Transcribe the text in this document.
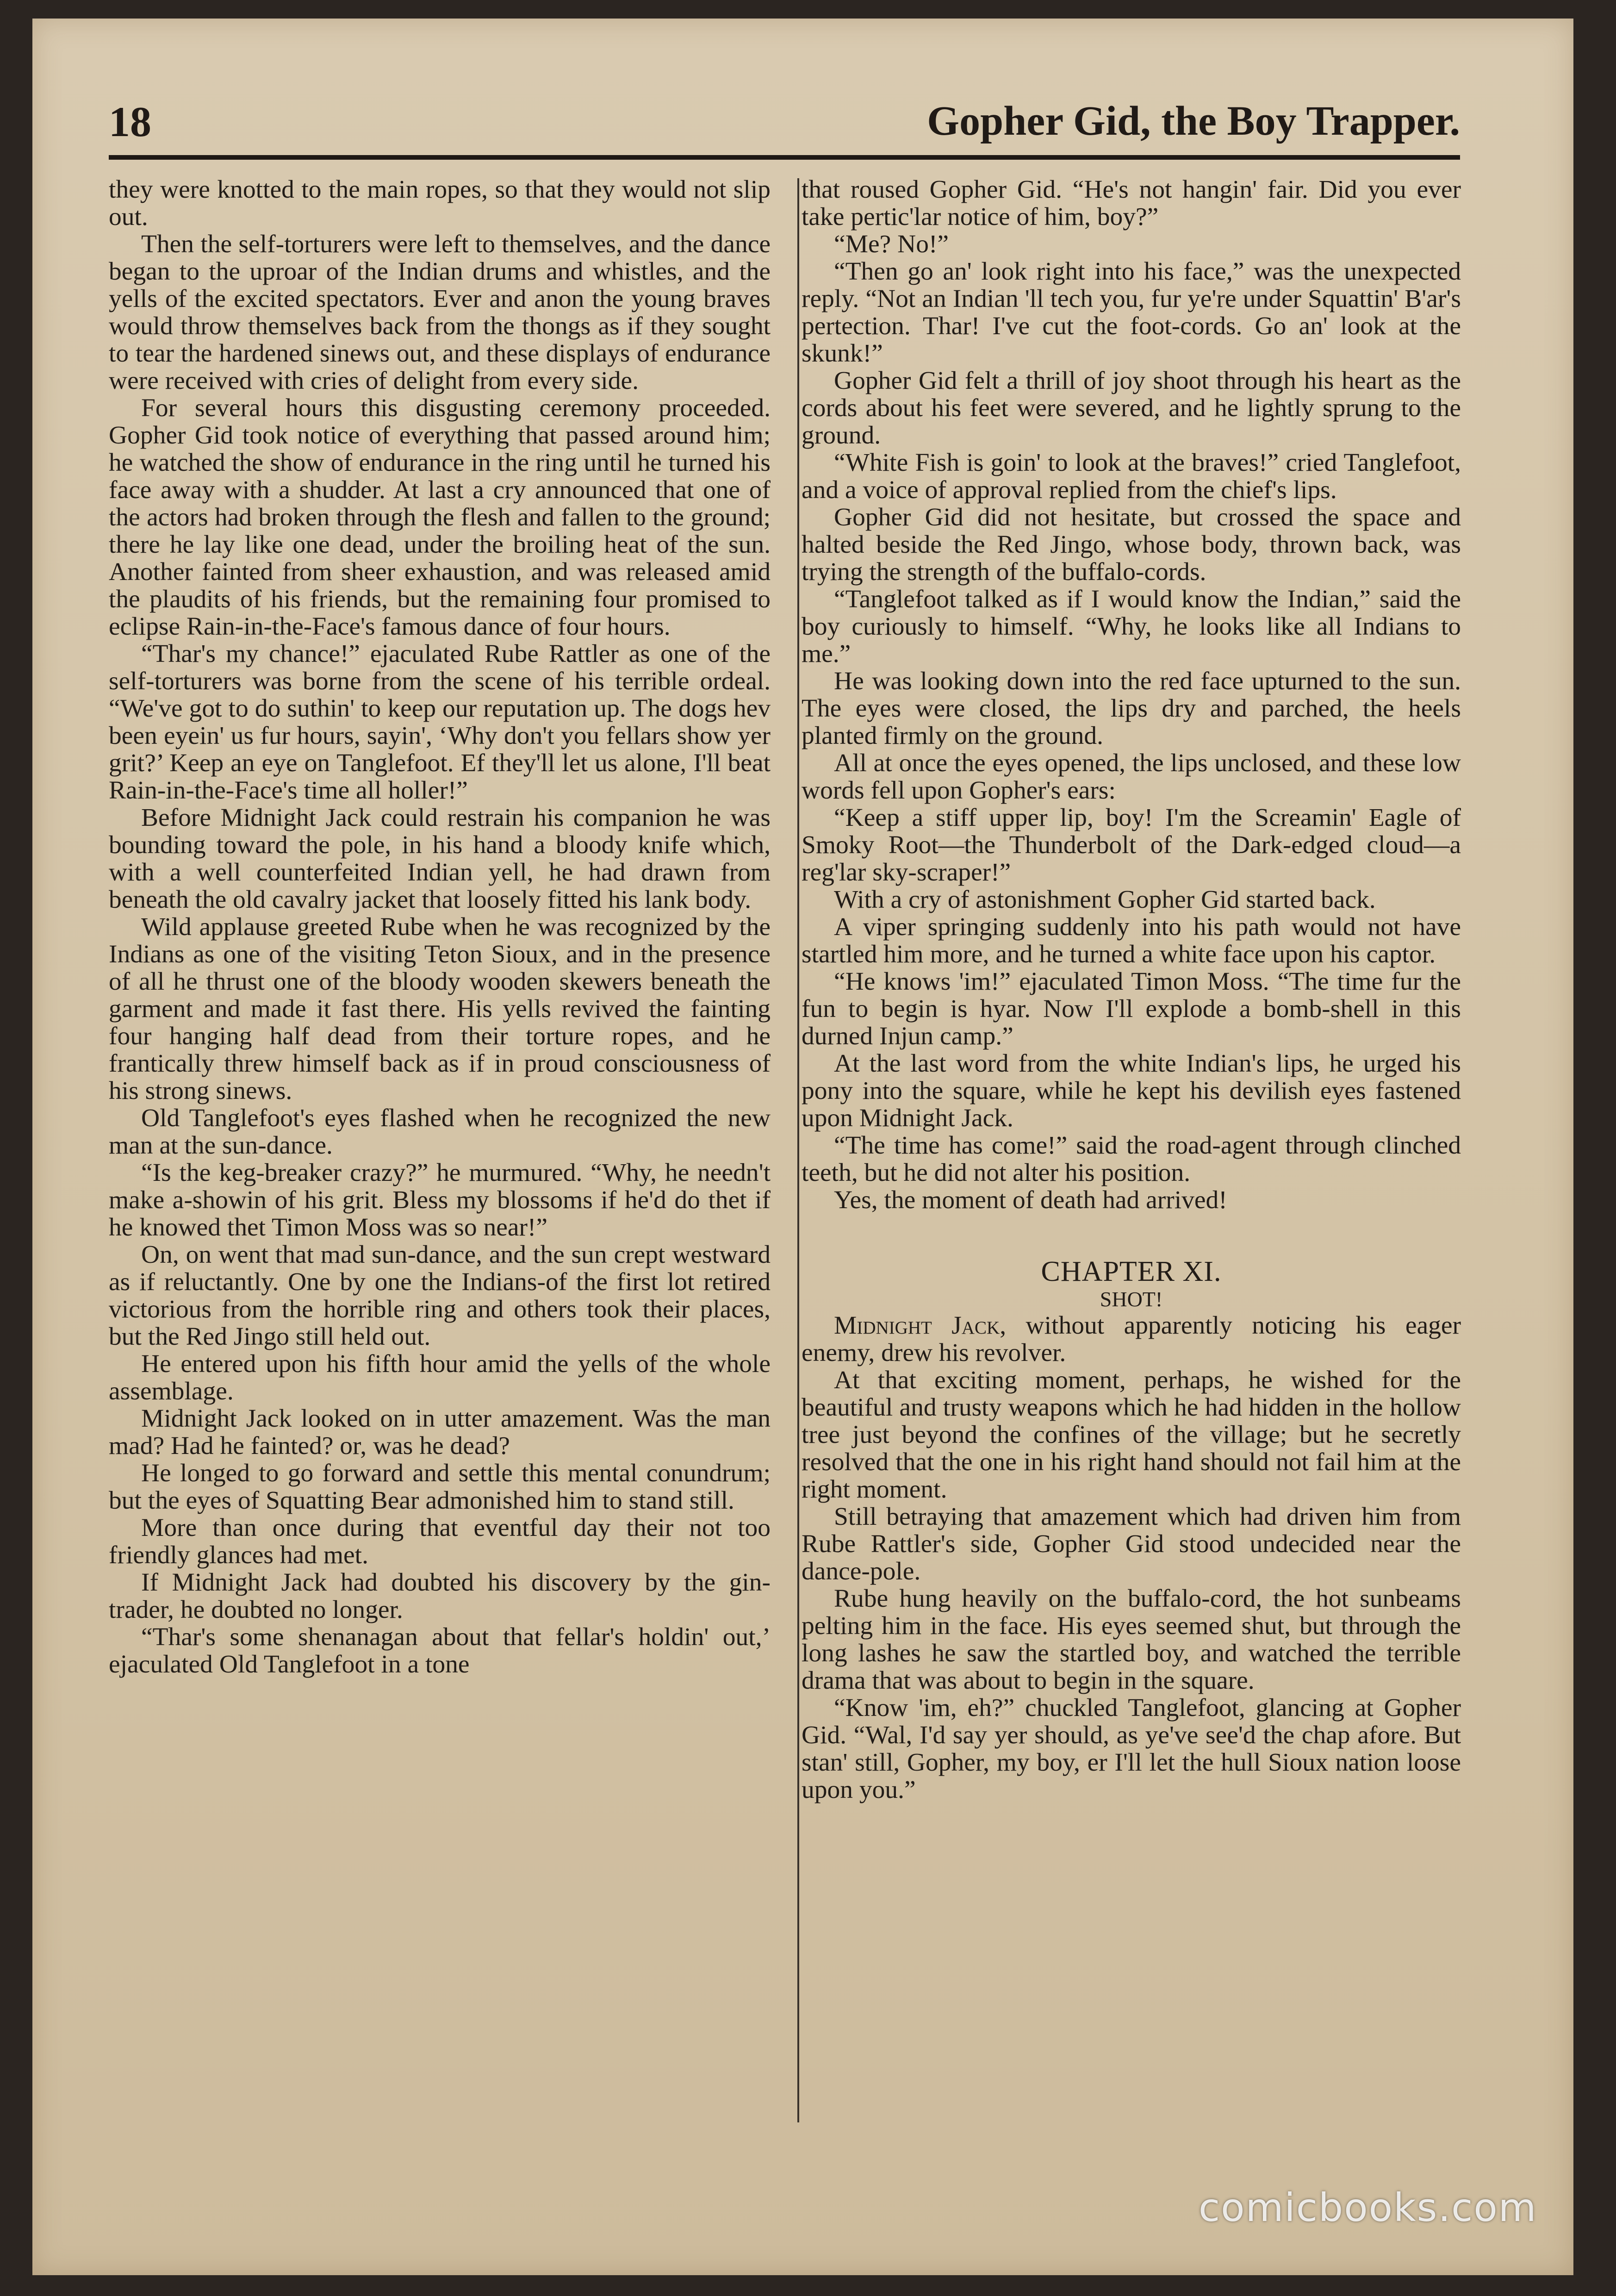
18	Gopher Gid, the Boy Trapper.

they were knotted to the main ropes, so that they would not slip out.

Then the self-torturers were left to themselves, and the dance began to the uproar of the Indian drums and whistles, and the yells of the excited spectators. Ever and anon the young braves would throw themselves back from the thongs as if they sought to tear the hardened sinews out, and these displays of endurance were received with cries of delight from every side.

For several hours this disgusting ceremony proceeded. Gopher Gid took notice of everything that passed around him; he watched the show of endurance in the ring until he turned his face away with a shudder. At last a cry announced that one of the actors had broken through the flesh and fallen to the ground; there he lay like one dead, under the broiling heat of the sun. Another fainted from sheer exhaustion, and was released amid the plaudits of his friends, but the remaining four promised to eclipse Rain-in-the-Face's famous dance of four hours.

“Thar's my chance!” ejaculated Rube Rattler as one of the self-torturers was borne from the scene of his terrible ordeal. “We've got to do suthin' to keep our reputation up. The dogs hev been eyein' us fur hours, sayin', ‘Why don't you fellars show yer grit?’ Keep an eye on Tanglefoot. Ef they'll let us alone, I'll beat Rain-in-the-Face's time all holler!”

Before Midnight Jack could restrain his companion he was bounding toward the pole, in his hand a bloody knife which, with a well counterfeited Indian yell, he had drawn from beneath the old cavalry jacket that loosely fitted his lank body.

Wild applause greeted Rube when he was recognized by the Indians as one of the visiting Teton Sioux, and in the presence of all he thrust one of the bloody wooden skewers beneath the garment and made it fast there. His yells revived the fainting four hanging half dead from their torture ropes, and he frantically threw himself back as if in proud consciousness of his strong sinews.

Old Tanglefoot's eyes flashed when he recognized the new man at the sun-dance.

“Is the keg-breaker crazy?” he murmured. “Why, he needn't make a-showin of his grit. Bless my blossoms if he'd do thet if he knowed thet Timon Moss was so near!”

On, on went that mad sun-dance, and the sun crept westward as if reluctantly. One by one the Indians-of the first lot retired victorious from the horrible ring and others took their places, but the Red Jingo still held out.

He entered upon his fifth hour amid the yells of the whole assemblage.

Midnight Jack looked on in utter amazement. Was the man mad? Had he fainted? or, was he dead?

He longed to go forward and settle this mental conundrum; but the eyes of Squatting Bear admonished him to stand still.

More than once during that eventful day their not too friendly glances had met.

If Midnight Jack had doubted his discovery by the gin-trader, he doubted no longer.

“Thar's some shenanagan about that fellar's holdin' out,’ ejaculated Old Tanglefoot in a tone

that roused Gopher Gid. “He's not hangin' fair. Did you ever take pertic'lar notice of him, boy?”

“Me? No!”

“Then go an' look right into his face,” was the unexpected reply. “Not an Indian 'll tech you, fur ye're under Squattin' B'ar's pertection. Thar! I've cut the foot-cords. Go an' look at the skunk!”

Gopher Gid felt a thrill of joy shoot through his heart as the cords about his feet were severed, and he lightly sprung to the ground.

“White Fish is goin' to look at the braves!” cried Tanglefoot, and a voice of approval replied from the chief's lips.

Gopher Gid did not hesitate, but crossed the space and halted beside the Red Jingo, whose body, thrown back, was trying the strength of the buffalo-cords.

“Tanglefoot talked as if I would know the Indian,” said the boy curiously to himself. “Why, he looks like all Indians to me.”

He was looking down into the red face upturned to the sun. The eyes were closed, the lips dry and parched, the heels planted firmly on the ground.

All at once the eyes opened, the lips unclosed, and these low words fell upon Gopher's ears:

“Keep a stiff upper lip, boy! I'm the Screamin' Eagle of Smoky Root—the Thunderbolt of the Dark-edged cloud—a reg'lar sky-scraper!”

With a cry of astonishment Gopher Gid started back.

A viper springing suddenly into his path would not have startled him more, and he turned a white face upon his captor.

“He knows 'im!” ejaculated Timon Moss. “The time fur the fun to begin is hyar. Now I'll explode a bomb-shell in this durned Injun camp.”

At the last word from the white Indian's lips, he urged his pony into the square, while he kept his devilish eyes fastened upon Midnight Jack.

“The time has come!” said the road-agent through clinched teeth, but he did not alter his position.

Yes, the moment of death had arrived!

CHAPTER XI.
SHOT!

Midnight Jack, without apparently noticing his eager enemy, drew his revolver.

At that exciting moment, perhaps, he wished for the beautiful and trusty weapons which he had hidden in the hollow tree just beyond the confines of the village; but he secretly resolved that the one in his right hand should not fail him at the right moment.

Still betraying that amazement which had driven him from Rube Rattler's side, Gopher Gid stood undecided near the dance-pole.

Rube hung heavily on the buffalo-cord, the hot sunbeams pelting him in the face. His eyes seemed shut, but through the long lashes he saw the startled boy, and watched the terrible drama that was about to begin in the square.

“Know 'im, eh?” chuckled Tanglefoot, glancing at Gopher Gid. “Wal, I'd say yer should, as ye've see'd the chap afore. But stan' still, Gopher, my boy, er I'll let the hull Sioux nation loose upon you.”

comicbooks.com
